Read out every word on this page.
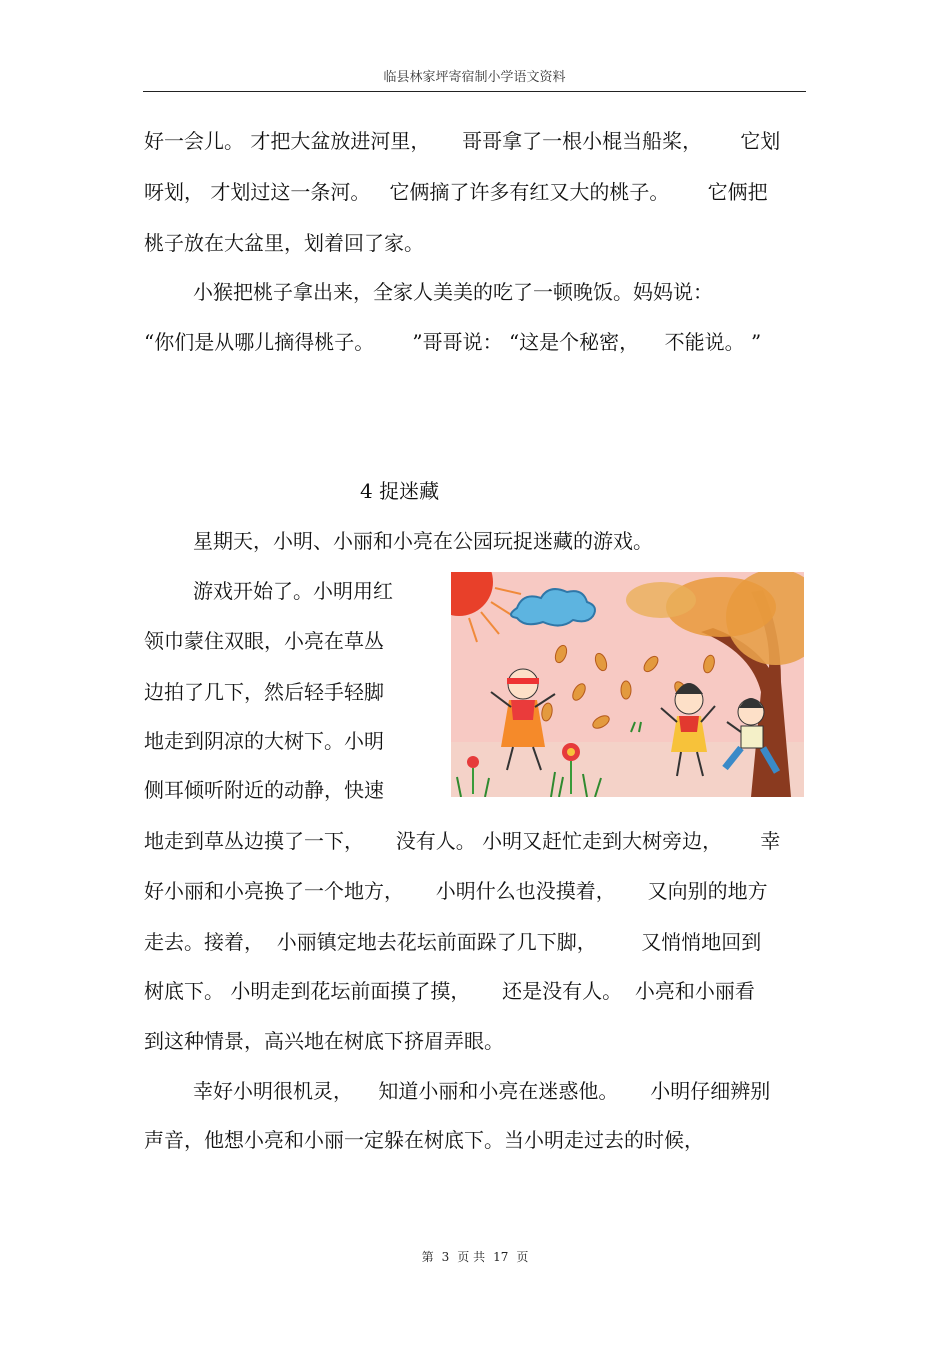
临县林家坪寄宿制小学语文资料
好一会儿。 才把大盆放进河里，     哥哥拿了一根小棍当船桨，      它划
呀划， 才划过这一条河。   它俩摘了许多有红又大的桃子。      它俩把
桃子放在大盆里，划着回了家。
小猴把桃子拿出来，全家人美美的吃了一顿晚饭。妈妈说：
“你们是从哪儿摘得桃子。      ”哥哥说： “这是个秘密，    不能说。 ”
4 捉迷藏
星期天，小明、小丽和小亮在公园玩捉迷藏的游戏。
游戏开始了。小明用红
领巾蒙住双眼，小亮在草丛
边拍了几下，然后轻手轻脚
地走到阴凉的大树下。小明
侧耳倾听附近的动静，快速
地走到草丛边摸了一下，     没有人。 小明又赶忙走到大树旁边，      幸
好小丽和小亮换了一个地方，     小明什么也没摸着，     又向别的地方
走去。接着，  小丽镇定地去花坛前面跺了几下脚，       又悄悄地回到
树底下。 小明走到花坛前面摸了摸，     还是没有人。  小亮和小丽看
到这种情景，高兴地在树底下挤眉弄眼。
幸好小明很机灵，    知道小丽和小亮在迷惑他。     小明仔细辨别
声音，他想小亮和小丽一定躲在树底下。当小明走过去的时候，
第 3 页 共 17 页
